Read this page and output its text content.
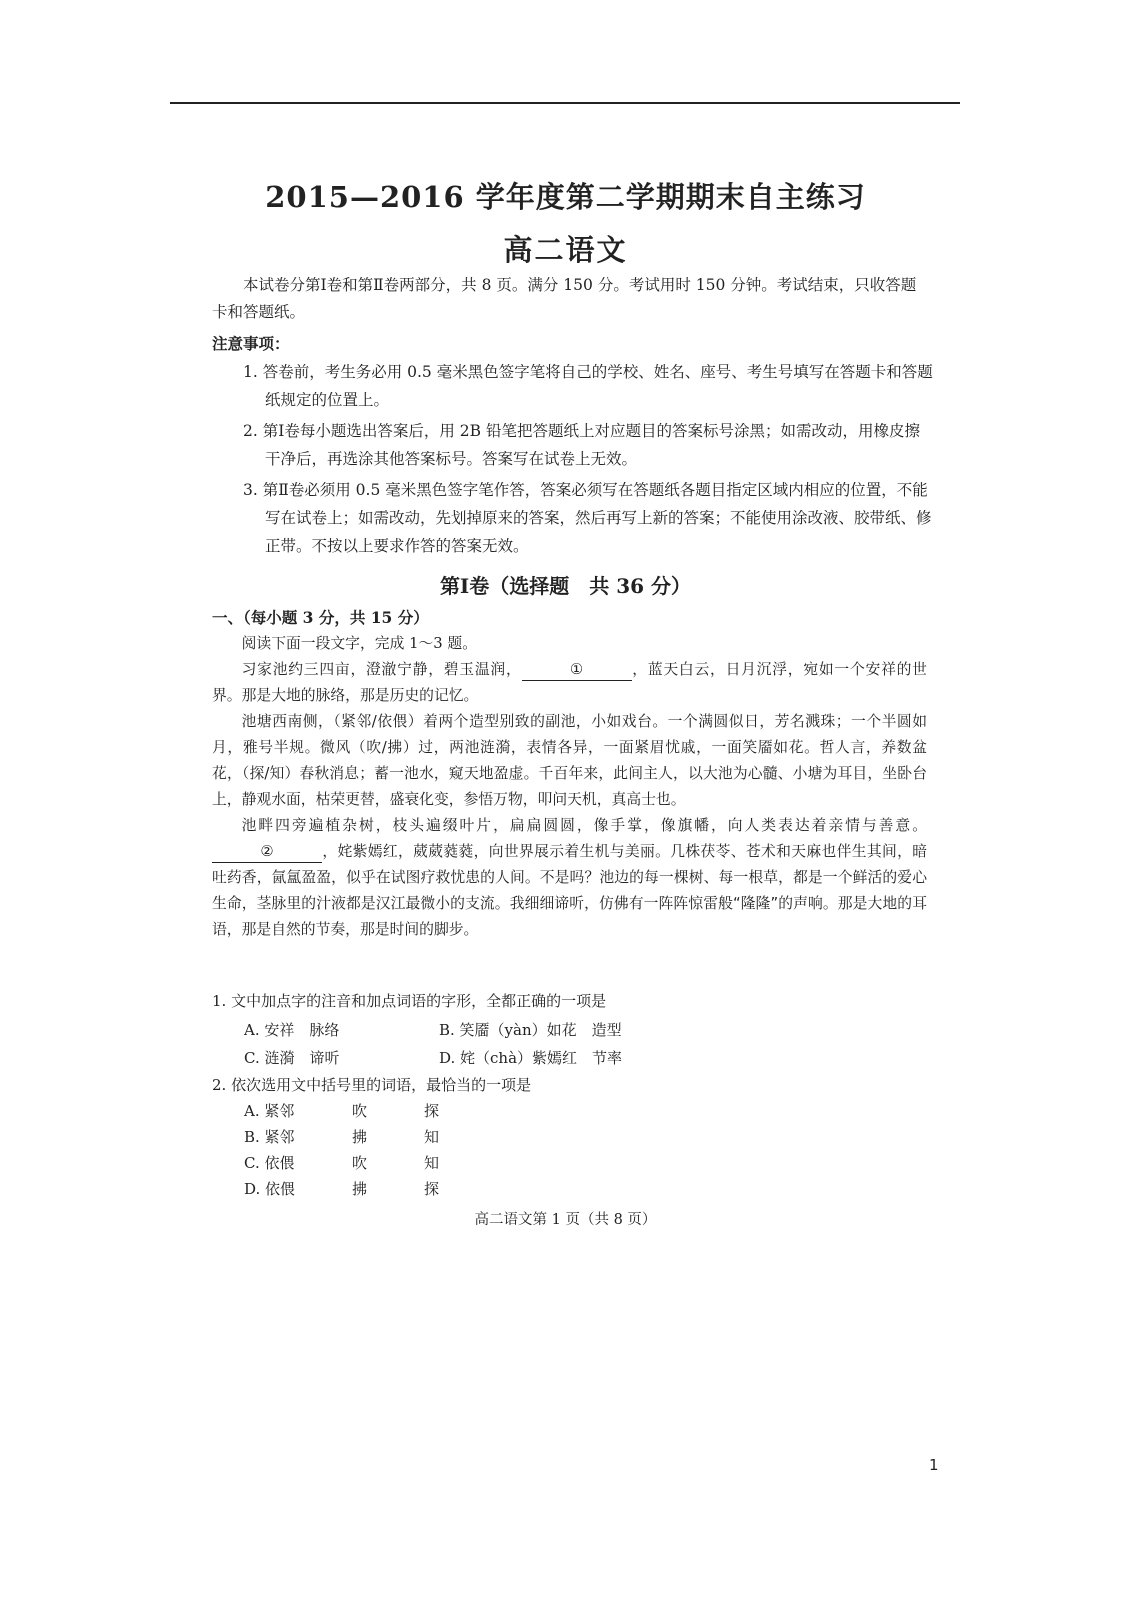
2015—2016 学年度第二学期期末自主练习
高二语文
本试卷分第Ⅰ卷和第Ⅱ卷两部分，共 8 页。满分 150 分。考试用时 150 分钟。考试结束，只收答题卡和答题纸。
注意事项：
1. 答卷前，考生务必用 0.5 毫米黑色签字笔将自己的学校、姓名、座号、考生号填写在答题卡和答题纸规定的位置上。
2. 第Ⅰ卷每小题选出答案后，用 2B 铅笔把答题纸上对应题目的答案标号涂黑；如需改动，用橡皮擦干净后，再选涂其他答案标号。答案写在试卷上无效。
3. 第Ⅱ卷必须用 0.5 毫米黑色签字笔作答，答案必须写在答题纸各题目指定区域内相应的位置，不能写在试卷上；如需改动，先划掉原来的答案，然后再写上新的答案；不能使用涂改液、胶带纸、修正带。不按以上要求作答的答案无效。
第Ⅰ卷（选择题　共 36 分）
一、（每小题 3 分，共 15 分）

阅读下面一段文字，完成 1～3 题。

习家池约三四亩，澄澈宁静，碧玉温润，	①	，蓝天白云，日月沉浮，宛如一个安祥的世界。那是大地的脉络，那是历史的记忆。

池塘西南侧，（紧邻/依偎）着两个造型别致的副池，小如戏台。一个满圆似日，芳名溅珠；一个半圆如月，雅号半规。微风（吹/拂）过，两池涟漪，表情各异，一面紧眉忧戚，一面笑靥如花。哲人言，养数盆花，（探/知）春秋消息；蓄一池水，窥天地盈虚。千百年来，此间主人，以大池为心髓、小塘为耳目，坐卧台上，静观水面，枯荣更替，盛衰化变，参悟万物，叩问天机，真高士也。

池畔四旁遍植杂树，枝头遍缀叶片，扁扁圆圆，像手掌，像旗幡，向人类表达着亲情与善意。②	，姹紫嫣红，葳葳蕤蕤，向世界展示着生机与美丽。几株茯苓、苍术和天麻也伴生其间，暗吐药香，氤氲盈盈，似乎在试图疗救忧患的人间。不是吗？池边的每一棵树、每一根草，都是一个鲜活的爱心生命，茎脉里的汁液都是汉江最微小的支流。我细细谛听，仿佛有一阵阵惊雷般“隆隆”的声响。那是大地的耳语，那是自然的节奏，那是时间的脚步。

1. 文中加点字的注音和加点词语的字形，全都正确的一项是

A. 安祥　脉络	B. 笑靥（yàn）如花　造型
C. 涟漪　谛听	D. 姹（chà）紫嫣红　节率

2. 依次选用文中括号里的词语，最恰当的一项是

A. 紧邻	吹	探
B. 紧邻	拂	知
C. 依偎	吹	知
D. 依偎	拂	探
高二语文第 1 页（共 8 页）
1
